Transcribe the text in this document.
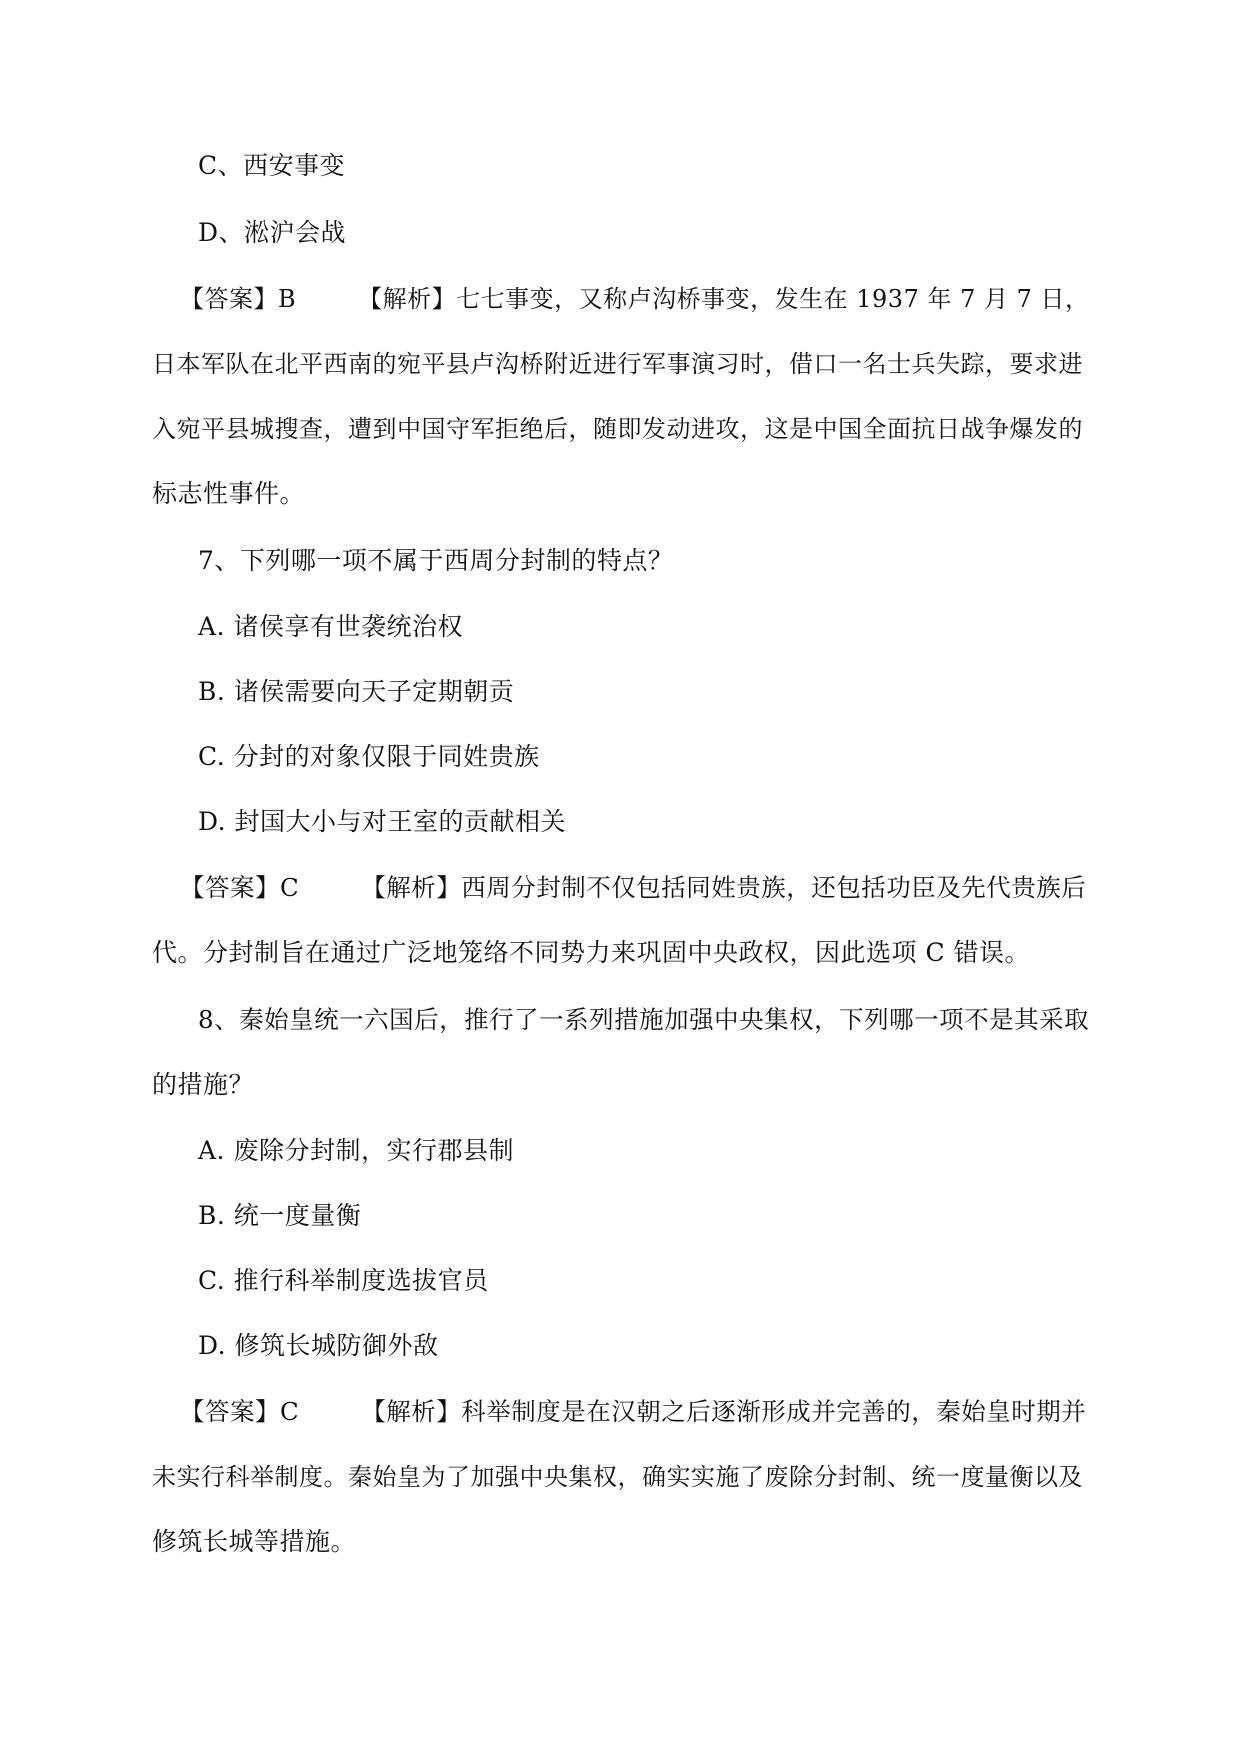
C、西安事变
D、淞沪会战
【答案】B	【解析】七七事变，又称卢沟桥事变，发生在 1937 年 7 月 7 日，
日本军队在北平西南的宛平县卢沟桥附近进行军事演习时，借口一名士兵失踪，要求进
入宛平县城搜查，遭到中国守军拒绝后，随即发动进攻，这是中国全面抗日战争爆发的
标志性事件。
7、下列哪一项不属于西周分封制的特点？
A. 诸侯享有世袭统治权
B. 诸侯需要向天子定期朝贡
C. 分封的对象仅限于同姓贵族
D. 封国大小与对王室的贡献相关
【答案】C	【解析】西周分封制不仅包括同姓贵族，还包括功臣及先代贵族后
代。分封制旨在通过广泛地笼络不同势力来巩固中央政权，因此选项 C 错误。
8、秦始皇统一六国后，推行了一系列措施加强中央集权，下列哪一项不是其采取
的措施？
A. 废除分封制，实行郡县制
B. 统一度量衡
C. 推行科举制度选拔官员
D. 修筑长城防御外敌
【答案】C	【解析】科举制度是在汉朝之后逐渐形成并完善的，秦始皇时期并
未实行科举制度。秦始皇为了加强中央集权，确实实施了废除分封制、统一度量衡以及
修筑长城等措施。
